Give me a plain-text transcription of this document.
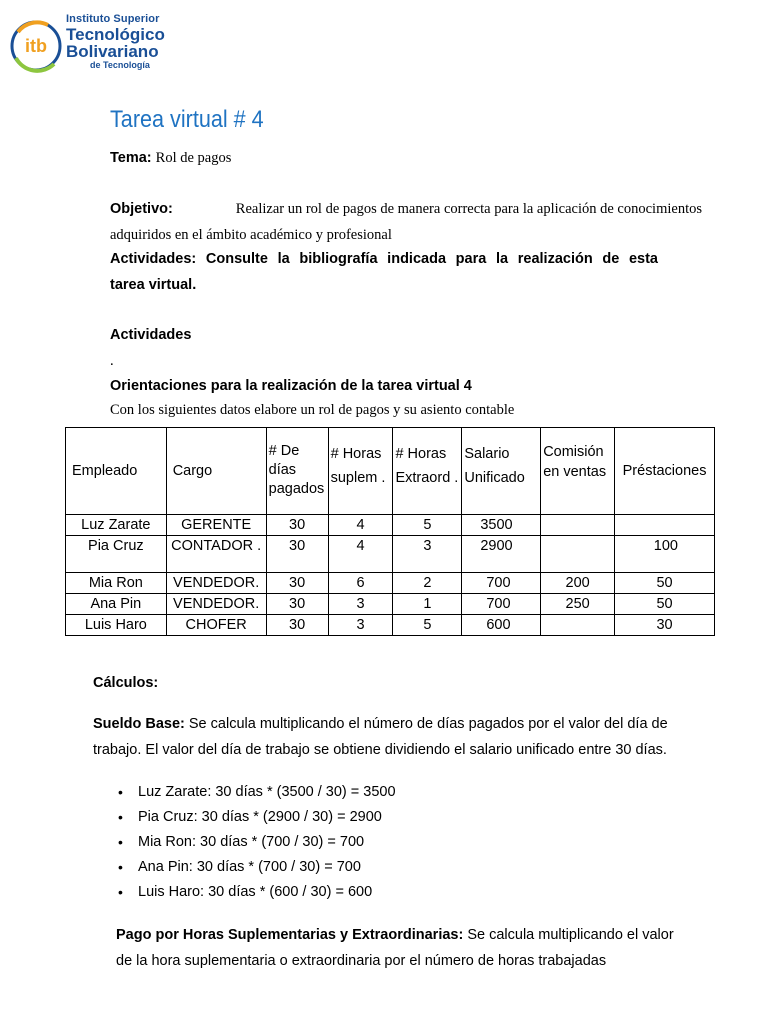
itb
Instituto Superior
Tecnológico
Bolivariano
de Tecnología
Tarea virtual # 4
Tema: Rol de pagos
Objetivo:	Realizar un rol de pagos de manera correcta para la aplicación de conocimientos
adquiridos en el ámbito académico y profesional
Actividades: Consulte la bibliografía indicada para la realización de esta
tarea virtual.
Actividades
.
Orientaciones para la realización de la tarea virtual 4
Con los siguientes datos elabore un rol de pagos y su asiento contable
Empleado	Cargo	# De días pagados	# Horas suplem .	# Horas Extraord .	Salario Unificado	Comisión en ventas	Préstaciones
Luz Zarate	GERENTE	30	4	5	3500		
Pia Cruz	CONTADOR .	30	4	3	2900		100
Mia Ron	VENDEDOR.	30	6	2	700	200	50
Ana Pin	VENDEDOR.	30	3	1	700	250	50
Luis Haro	CHOFER	30	3	5	600		30
Cálculos:
Sueldo Base: Se calcula multiplicando el número de días pagados por el valor del día de
trabajo. El valor del día de trabajo se obtiene dividiendo el salario unificado entre 30 días.
• Luz Zarate: 30 días * (3500 / 30) = 3500
• Pia Cruz: 30 días * (2900 / 30) = 2900
• Mia Ron: 30 días * (700 / 30) = 700
• Ana Pin: 30 días * (700 / 30) = 700
• Luis Haro: 30 días * (600 / 30) = 600
Pago por Horas Suplementarias y Extraordinarias: Se calcula multiplicando el valor
de la hora suplementaria o extraordinaria por el número de horas trabajadas
